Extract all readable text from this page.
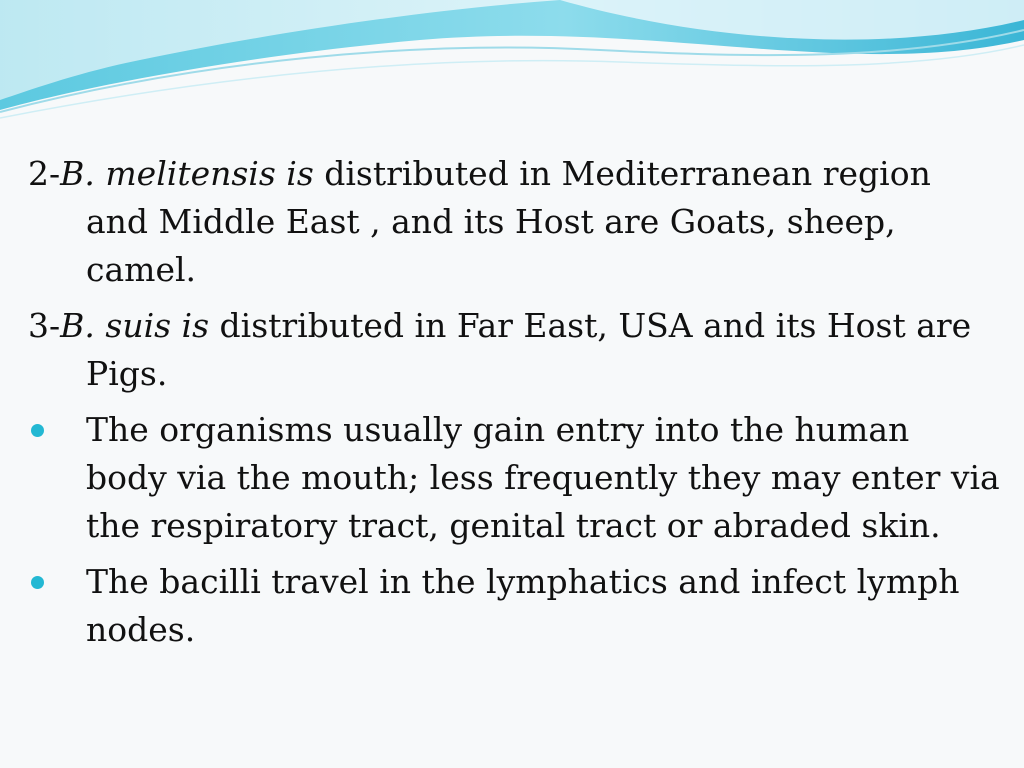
2-B. melitensis is distributed in Mediterranean region and Middle East , and its Host are Goats, sheep, camel.

3-B. suis is distributed in Far East, USA and its Host are Pigs.

The organisms usually gain entry into the human body via the mouth; less frequently they may enter via the respiratory tract, genital tract or abraded skin.

The bacilli travel in the lymphatics and infect lymph nodes.
